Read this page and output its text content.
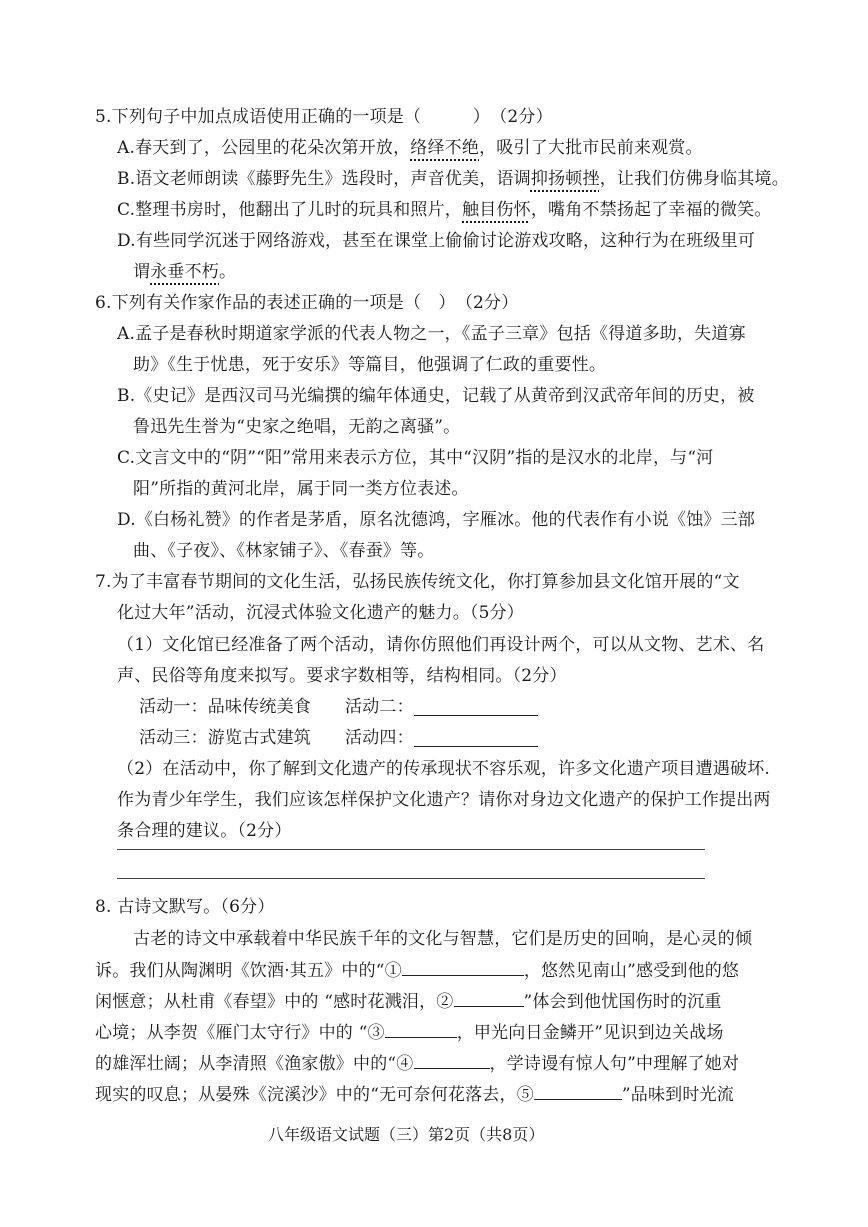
5.下列句子中加点成语使用正确的一项是（　　　）　（2分）
A.春天到了，公园里的花朵次第开放，络绎不绝，吸引了大批市民前来观赏。
B.语文老师朗读《藤野先生》选段时，声音优美，语调抑扬顿挫，让我们仿佛身临其境。
C.整理书房时，他翻出了儿时的玩具和照片，触目伤怀，嘴角不禁扬起了幸福的微笑。
D.有些同学沉迷于网络游戏，甚至在课堂上偷偷讨论游戏攻略，这种行为在班级里可
谓永垂不朽。
6.下列有关作家作品的表述正确的一项是（　）　（2分）
A.孟子是春秋时期道家学派的代表人物之一，《孟子三章》包括《得道多助，失道寡
助》《生于忧患，死于安乐》等篇目，他强调了仁政的重要性。
B.《史记》是西汉司马光编撰的编年体通史，记载了从黄帝到汉武帝年间的历史，被
鲁迅先生誉为“史家之绝唱，无韵之离骚”。
C.文言文中的“阴”“阳”常用来表示方位，其中“汉阴”指的是汉水的北岸，与“河
阳”所指的黄河北岸，属于同一类方位表述。
D.《白杨礼赞》的作者是茅盾，原名沈德鸿，字雁冰。他的代表作有小说《蚀》三部
曲、《子夜》、《林家铺子》、《春蚕》等。
7.为了丰富春节期间的文化生活，弘扬民族传统文化，你打算参加县文化馆开展的“文
化过大年”活动，沉浸式体验文化遗产的魅力。（5分）
（1）文化馆已经准备了两个活动，请你仿照他们再设计两个，可以从文物、艺术、名
声、民俗等角度来拟写。要求字数相等，结构相同。（2分）
活动一：品味传统美食 活动二：
活动三：游览古式建筑 活动四：
（2）在活动中，你了解到文化遗产的传承现状不容乐观，许多文化遗产项目遭遇破坏.
作为青少年学生，我们应该怎样保护文化遗产？请你对身边文化遗产的保护工作提出两
条合理的建议。（2分）
8. 古诗文默写。（6分）
古老的诗文中承载着中华民族千年的文化与智慧，它们是历史的回响，是心灵的倾
诉。我们从陶渊明《饮酒·其五》中的“①	，悠然见南山”感受到他的悠
闲惬意；从杜甫《春望》中的 “感时花溅泪，②	”体会到他忧国伤时的沉重
心境；从李贺《雁门太守行》中的 “③	，甲光向日金鳞开”见识到边关战场
的雄浑壮阔；从李清照《渔家傲》中的“④	，学诗谩有惊人句”中理解了她对
现实的叹息；从晏殊《浣溪沙》中的“无可奈何花落去，⑤	”品味到时光流
八年级语文试题（三）第2页（共8页）
